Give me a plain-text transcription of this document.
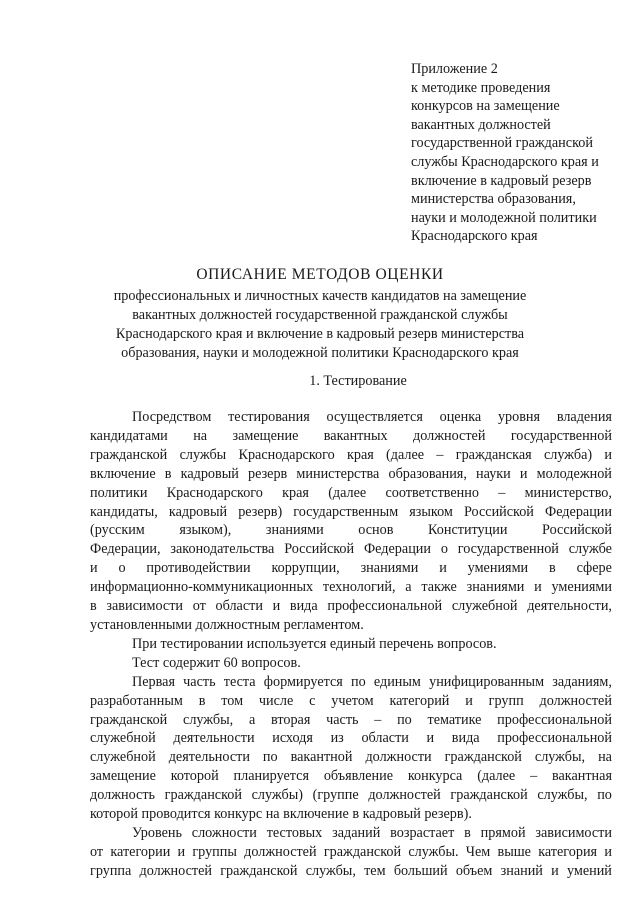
Приложение 2
к методике проведения
конкурсов на замещение
вакантных должностей
государственной гражданской
службы Краснодарского края и
включение в кадровый резерв
министерства образования,
науки и молодежной политики
Краснодарского края
ОПИСАНИЕ МЕТОДОВ ОЦЕНКИ
профессиональных и личностных качеств кандидатов на замещение
вакантных должностей государственной гражданской службы
Краснодарского края и включение в кадровый резерв министерства
образования, науки и молодежной политики Краснодарского края
1. Тестирование
Посредством тестирования осуществляется оценка уровня владения
кандидатами на замещение вакантных должностей государственной
гражданской службы Краснодарского края (далее – гражданская служба) и
включение в кадровый резерв министерства образования, науки и молодежной
политики Краснодарского края (далее соответственно – министерство,
кандидаты, кадровый резерв) государственным языком Российской Федерации
(русским языком), знаниями основ Конституции Российской
Федерации, законодательства Российской Федерации о государственной службе
и о противодействии коррупции, знаниями и умениями в сфере
информационно-коммуникационных технологий, а также знаниями и умениями
в зависимости от области и вида профессиональной служебной деятельности,
установленными должностным регламентом.
При тестировании используется единый перечень вопросов.
Тест содержит 60 вопросов.
Первая часть теста формируется по единым унифицированным заданиям,
разработанным в том числе с учетом категорий и групп должностей
гражданской службы, а вторая часть – по тематике профессиональной
служебной деятельности исходя из области и вида профессиональной
служебной деятельности по вакантной должности гражданской службы, на
замещение которой планируется объявление конкурса (далее – вакантная
должность гражданской службы) (группе должностей гражданской службы, по
которой проводится конкурс на включение в кадровый резерв).
Уровень сложности тестовых заданий возрастает в прямой зависимости
от категории и группы должностей гражданской службы. Чем выше категория и
группа должностей гражданской службы, тем больший объем знаний и умений
